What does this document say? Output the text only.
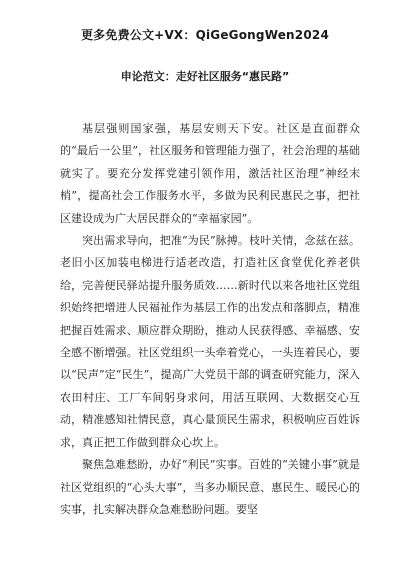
更多免费公文+VX：QiGeGongWen2024
申论范文：走好社区服务“惠民路”

基层强则国家强，基层安则天下安。社区是直面群众的“最后一公里”，社区服务和管理能力强了，社会治理的基础就实了。要充分发挥党建引领作用，激活社区治理“神经末梢”，提高社会工作服务水平，多做为民利民惠民之事，把社区建设成为广大居民群众的“幸福家园”。

突出需求导向，把准“为民”脉搏。枝叶关情，念兹在兹。老旧小区加装电梯进行适老改造，打造社区食堂优化养老供给，完善便民驿站提升服务质效……新时代以来各地社区党组织始终把增进人民福祉作为基层工作的出发点和落脚点，精准把握百姓需求、顺应群众期盼，推动人民获得感、幸福感、安全感不断增强。社区党组织一头牵着党心，一头连着民心，要以“民声”定“民生”，提高广大党员干部的调查研究能力，深入农田村庄、工厂车间躬身求问，用活互联网、大数据交心互动，精准感知社情民意，真心量顶民生需求，积极响应百姓诉求，真正把工作做到群众心坎上。

聚焦急难愁盼，办好“利民”实事。百姓的“关键小事”就是社区党组织的“心头大事”，当多办顺民意、惠民生、暖民心的实事，扎实解决群众急难愁盼问题。要坚
